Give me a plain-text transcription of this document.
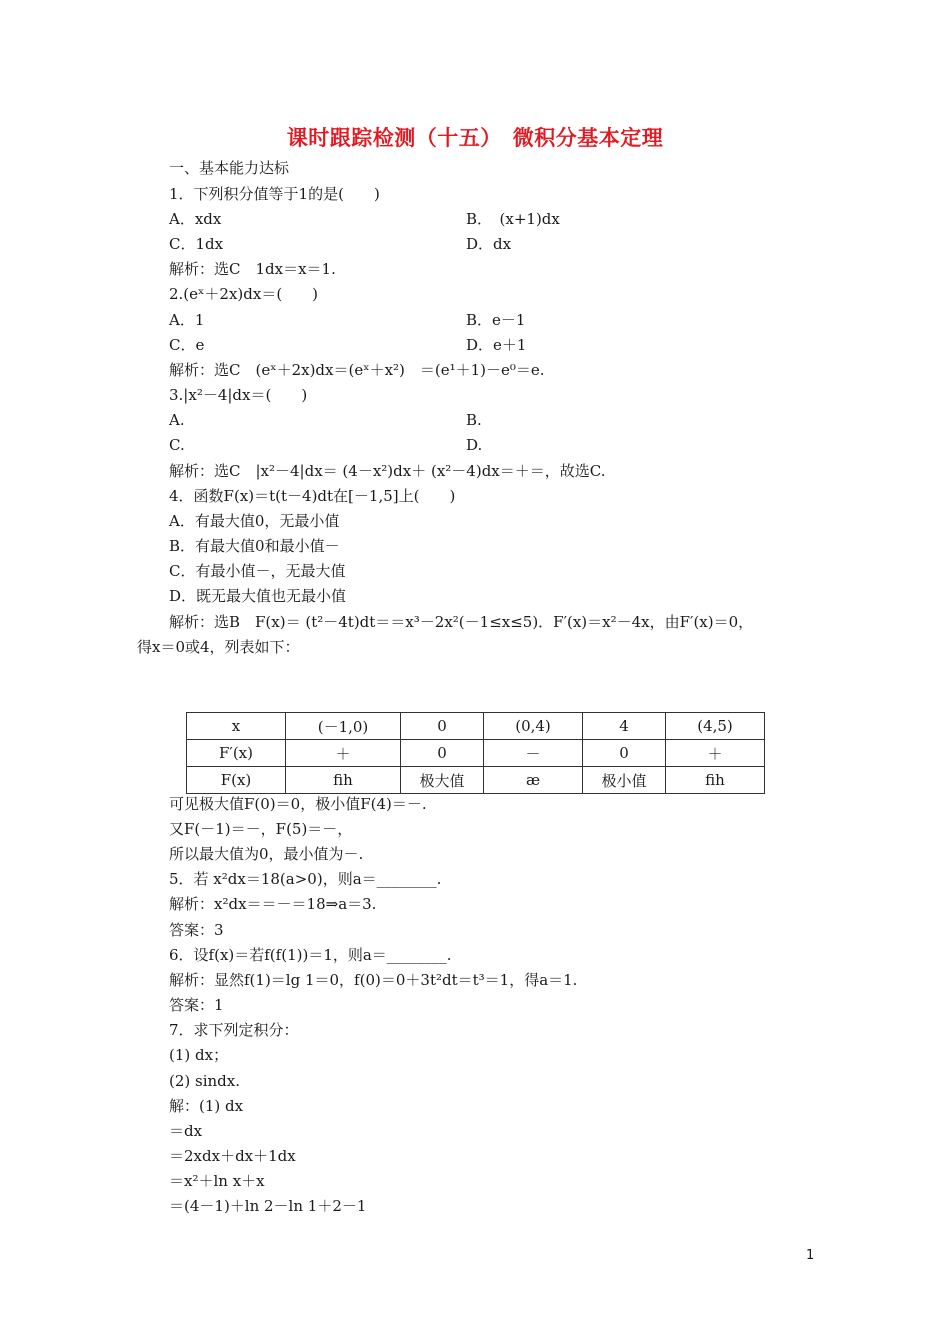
课时跟踪检测（十五）　微积分基本定理
一、基本能力达标
1．下列积分值等于1的是(　　)
A．xdx	B．　(x+1)dx
C．1dx	D．dx
解析：选C　1dx＝x＝1.
2.(eˣ＋2x)dx＝(　　)
A．1	B．e－1
C．e	D．e＋1
解析：选C　(eˣ＋2x)dx＝(eˣ＋x²)　＝(e¹＋1)－e⁰＝e.
3.|x²－4|dx＝(　　)
A.	B.
C.	D.
解析：选C　|x²－4|dx＝ (4－x²)dx＋ (x²－4)dx＝＋＝，故选C.
4．函数F(x)＝t(t－4)dt在[－1,5]上(　　)
A．有最大值0，无最小值
B．有最大值0和最小值－
C．有最小值－，无最大值
D．既无最大值也无最小值
解析：选B　F(x)＝ (t²－4t)dt＝＝x³－2x²(－1≤x≤5)．F′(x)＝x²－4x，由F′(x)＝0，
得x＝0或4，列表如下：
x	(－1,0)	0	(0,4)	4	(4,5)
F′(x)	＋	0	－	0	＋
F(x)	ﬁh	极大值	æ	极小值	ﬁh
可见极大值F(0)＝0，极小值F(4)＝－.
又F(－1)＝－，F(5)＝－，
所以最大值为0，最小值为－.
5．若 x²dx＝18(a>0)，则a＝________.
解析：x²dx＝＝－＝18⇒a＝3.
答案：3
6．设f(x)＝若f(f(1))＝1，则a＝________.
解析：显然f(1)＝lg 1＝0，f(0)＝0＋3t²dt＝t³＝1，得a＝1.
答案：1
7．求下列定积分：
(1) dx；
(2) sindx.
解：(1) dx
＝dx
＝2xdx＋dx＋1dx
＝x²＋ln x＋x
＝(4－1)＋ln 2－ln 1＋2－1
1
